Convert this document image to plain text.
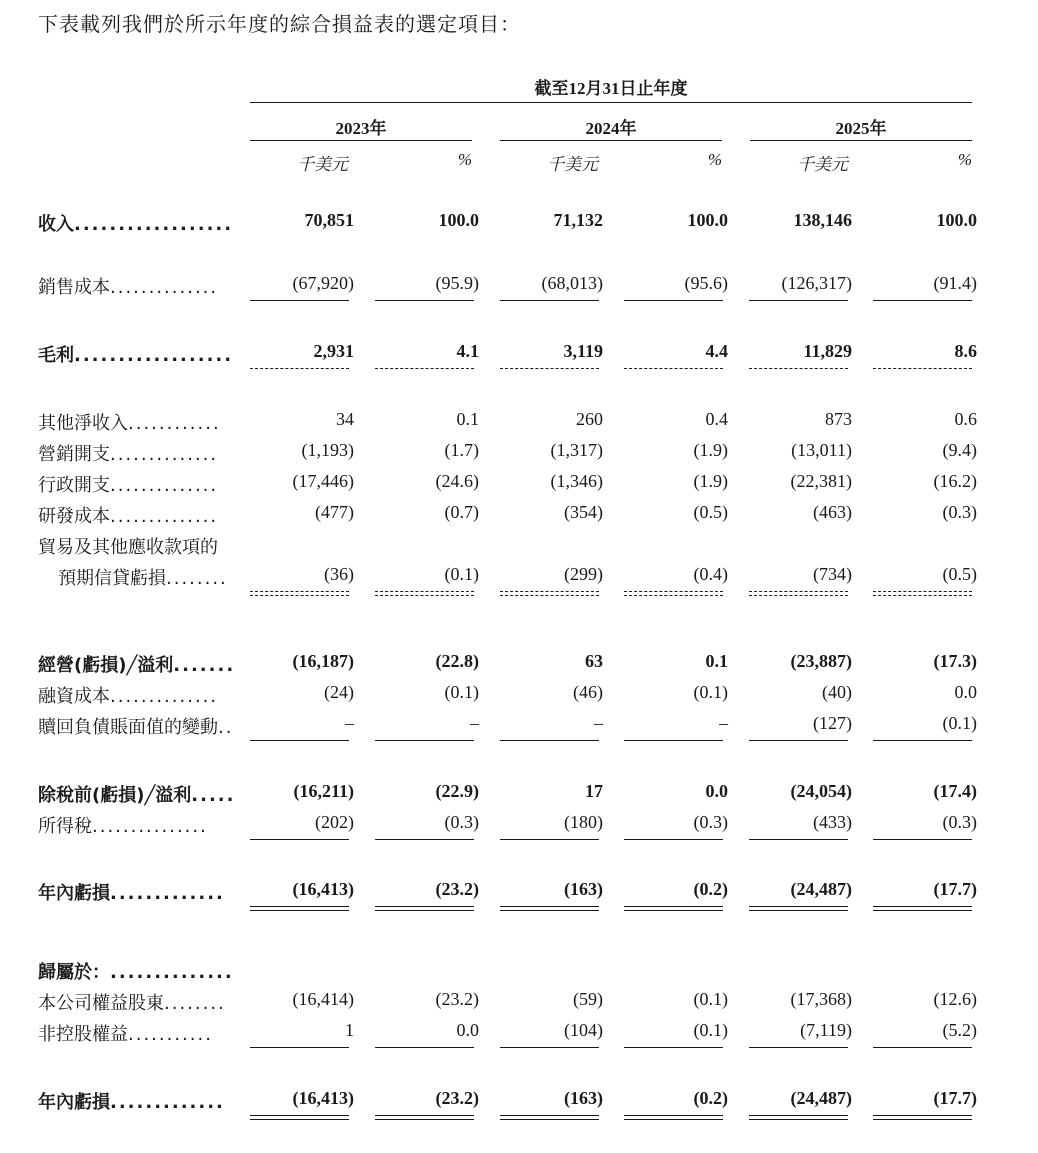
下表載列我們於所示年度的綜合損益表的選定項目：
截至12月31日止年度
2023年	2024年	2025年
千美元	%	千美元	%	千美元	%
收入..................	70,851	100.0	71,132	100.0	138,146	100.0
銷售成本..............	(67,920)	(95.9)	(68,013)	(95.6)	(126,317)	(91.4)
毛利..................	2,931	4.1	3,119	4.4	11,829	8.6
其他淨收入............	34	0.1	260	0.4	873	0.6
營銷開支..............	(1,193)	(1.7)	(1,317)	(1.9)	(13,011)	(9.4)
行政開支..............	(17,446)	(24.6)	(1,346)	(1.9)	(22,381)	(16.2)
研發成本..............	(477)	(0.7)	(354)	(0.5)	(463)	(0.3)
貿易及其他應收款項的
預期信貸虧損........	(36)	(0.1)	(299)	(0.4)	(734)	(0.5)
經營(虧損)╱溢利.......	(16,187)	(22.8)	63	0.1	(23,887)	(17.3)
融資成本..............	(24)	(0.1)	(46)	(0.1)	(40)	0.0
贖回負債賬面值的變動..	–	–	–	–	(127)	(0.1)
除稅前(虧損)╱溢利.....	(16,211)	(22.9)	17	0.0	(24,054)	(17.4)
所得稅...............	(202)	(0.3)	(180)	(0.3)	(433)	(0.3)
年內虧損.............	(16,413)	(23.2)	(163)	(0.2)	(24,487)	(17.7)
歸屬於：..............
本公司權益股東........	(16,414)	(23.2)	(59)	(0.1)	(17,368)	(12.6)
非控股權益...........	1	0.0	(104)	(0.1)	(7,119)	(5.2)
年內虧損.............	(16,413)	(23.2)	(163)	(0.2)	(24,487)	(17.7)
